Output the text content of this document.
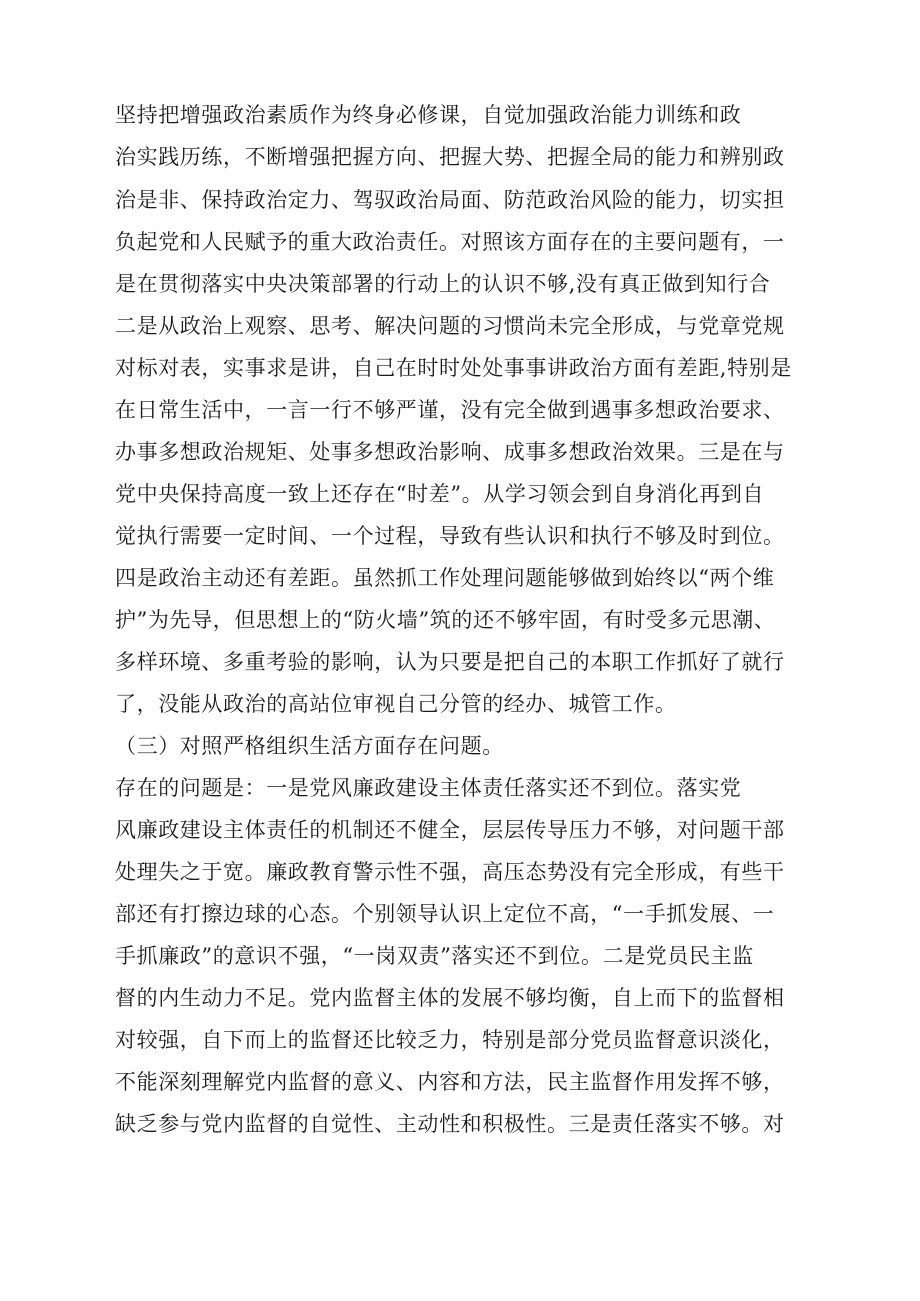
坚持把增强政治素质作为终身必修课，自觉加强政治能力训练和政
治实践历练，不断增强把握方向、把握大势、把握全局的能力和辨别政
治是非、保持政治定力、驾驭政治局面、防范政治风险的能力，切实担
负起党和人民赋予的重大政治责任。对照该方面存在的主要问题有，一
是在贯彻落实中央决策部署的行动上的认识不够,没有真正做到知行合
二是从政治上观察、思考、解决问题的习惯尚未完全形成，与党章党规
对标对表，实事求是讲，自己在时时处处事事讲政治方面有差距,特别是
在日常生活中，一言一行不够严谨，没有完全做到遇事多想政治要求、
办事多想政治规矩、处事多想政治影响、成事多想政治效果。三是在与
党中央保持高度一致上还存在“时差”。从学习领会到自身消化再到自
觉执行需要一定时间、一个过程，导致有些认识和执行不够及时到位。
四是政治主动还有差距。虽然抓工作处理问题能够做到始终以“两个维
护”为先导，但思想上的“防火墙”筑的还不够牢固，有时受多元思潮、
多样环境、多重考验的影响，认为只要是把自己的本职工作抓好了就行
了，没能从政治的高站位审视自己分管的经办、城管工作。
（三）对照严格组织生活方面存在问题。
存在的问题是：一是党风廉政建设主体责任落实还不到位。落实党
风廉政建设主体责任的机制还不健全，层层传导压力不够，对问题干部
处理失之于宽。廉政教育警示性不强，高压态势没有完全形成，有些干
部还有打擦边球的心态。个别领导认识上定位不高，“一手抓发展、一
手抓廉政”的意识不强，“一岗双责”落实还不到位。二是党员民主监
督的内生动力不足。党内监督主体的发展不够均衡，自上而下的监督相
对较强，自下而上的监督还比较乏力，特别是部分党员监督意识淡化，
不能深刻理解党内监督的意义、内容和方法，民主监督作用发挥不够，
缺乏参与党内监督的自觉性、主动性和积极性。三是责任落实不够。对
